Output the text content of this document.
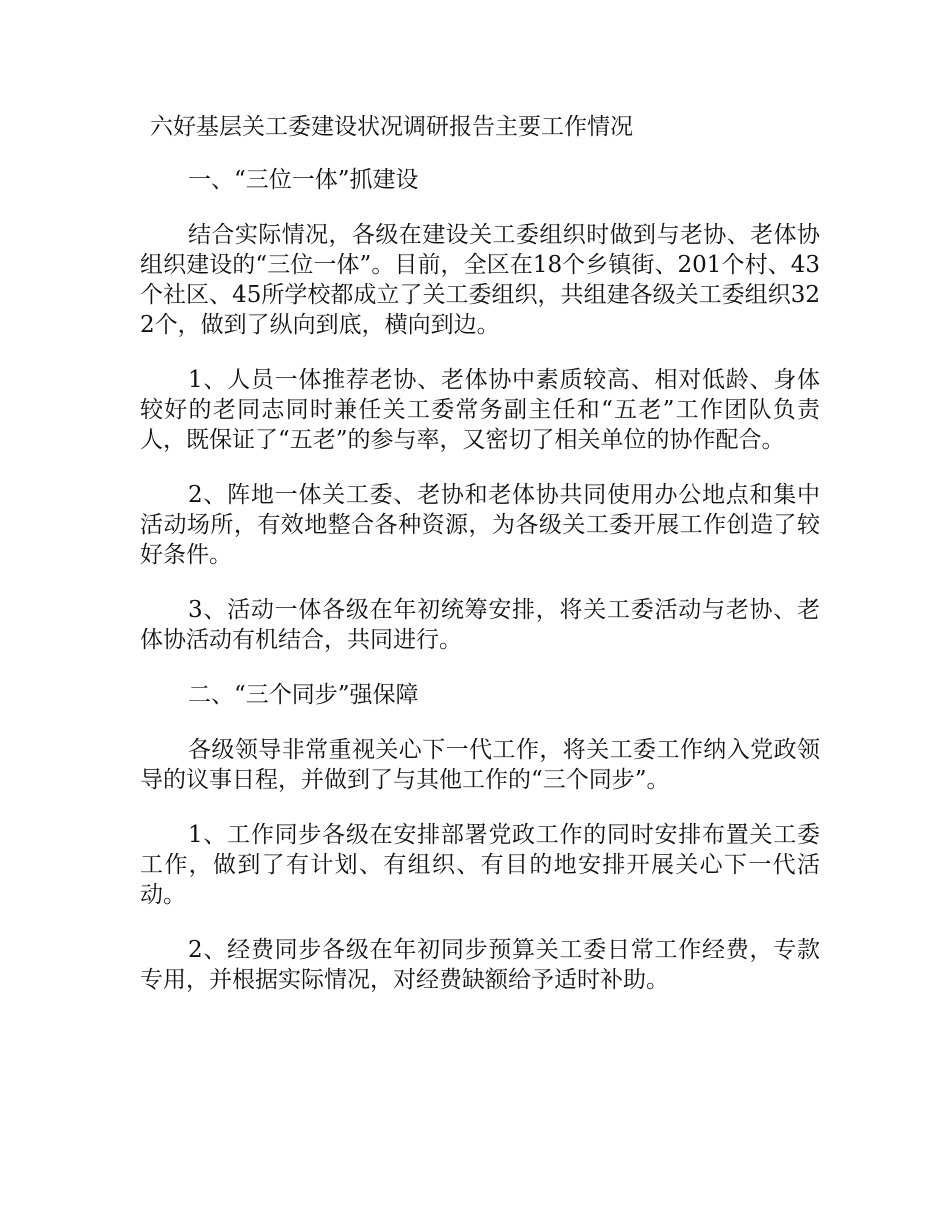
六好基层关工委建设状况调研报告主要工作情况

一、“三位一体”抓建设

结合实际情况，各级在建设关工委组织时做到与老协、老体协组织建设的“三位一体”。目前，全区在18个乡镇街、201个村、43个社区、45所学校都成立了关工委组织，共组建各级关工委组织322个，做到了纵向到底，横向到边。

1、人员一体推荐老协、老体协中素质较高、相对低龄、身体较好的老同志同时兼任关工委常务副主任和“五老”工作团队负责人，既保证了“五老”的参与率，又密切了相关单位的协作配合。

2、阵地一体关工委、老协和老体协共同使用办公地点和集中活动场所，有效地整合各种资源，为各级关工委开展工作创造了较好条件。

3、活动一体各级在年初统筹安排，将关工委活动与老协、老体协活动有机结合，共同进行。

二、“三个同步”强保障

各级领导非常重视关心下一代工作，将关工委工作纳入党政领导的议事日程，并做到了与其他工作的“三个同步”。

1、工作同步各级在安排部署党政工作的同时安排布置关工委工作，做到了有计划、有组织、有目的地安排开展关心下一代活动。

2、经费同步各级在年初同步预算关工委日常工作经费，专款专用，并根据实际情况，对经费缺额给予适时补助。
